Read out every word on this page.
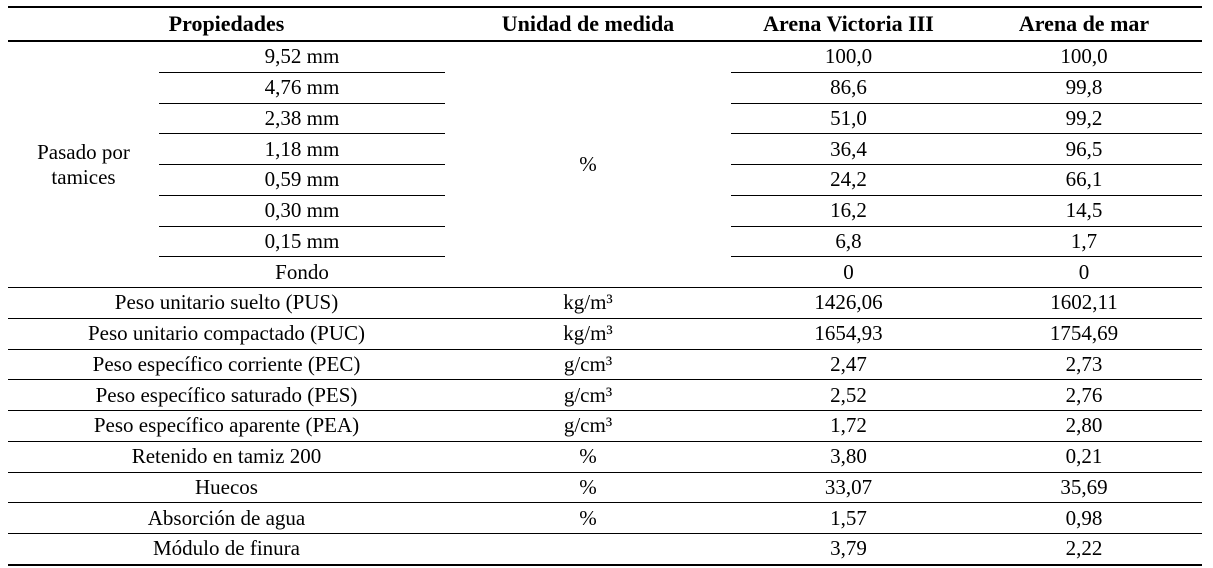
Propiedades		Unidad de medida	Arena Victoria III	Arena de mar
Pasado por
tamices	9,52 mm	%	100,0	100,0
	4,76 mm		86,6	99,8
	2,38 mm		51,0	99,2
	1,18 mm		36,4	96,5
	0,59 mm		24,2	66,1
	0,30 mm		16,2	14,5
	0,15 mm		6,8	1,7
	Fondo		0	0
Peso unitario suelto (PUS)		kg/m³	1426,06	1602,11
Peso unitario compactado (PUC)		kg/m³	1654,93	1754,69
Peso específico corriente (PEC)		g/cm³	2,47	2,73
Peso específico saturado (PES)		g/cm³	2,52	2,76
Peso específico aparente (PEA)		g/cm³	1,72	2,80
Retenido en tamiz 200		%	3,80	0,21
Huecos		%	33,07	35,69
Absorción de agua		%	1,57	0,98
Módulo de finura			3,79	2,22
